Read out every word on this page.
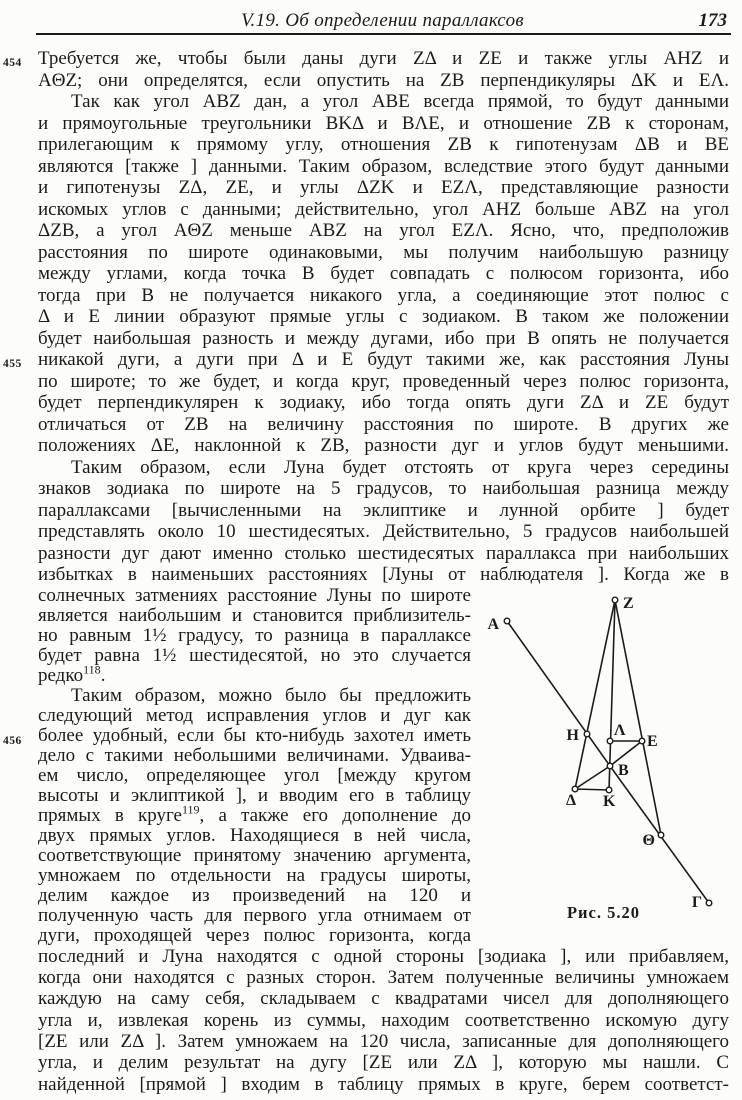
V.19. Об определении параллаксов	173
454 Требуется же, чтобы были даны дуги ZΔ и ZE и также углы AHZ и
AΘZ; они определятся, если опустить на ZB перпендикуляры ΔK и EΛ.
Так как угол ABZ дан, а угол ABE всегда прямой, то будут данными
и прямоугольные треугольники BKΔ и BΛE, и отношение ZB к сторонам,
прилегающим к прямому углу, отношения ZB к гипотенузам ΔB и BE
являются [также ] данными. Таким образом, вследствие этого будут данными
и гипотенузы ZΔ, ZE, и углы ΔZK и EZΛ, представляющие разности
искомых углов с данными; действительно, угол AHZ больше ABZ на угол
ΔZB, а угол AΘZ меньше ABZ на угол EZΛ. Ясно, что, предположив
расстояния по широте одинаковыми, мы получим наибольшую разницу
между углами, когда точка B будет совпадать с полюсом горизонта, ибо
тогда при B не получается никакого угла, а соединяющие этот полюс с
Δ и E линии образуют прямые углы с зодиаком. В таком же положении
будет наибольшая разность и между дугами, ибо при B опять не получается
455 никакой дуги, а дуги при Δ и E будут такими же, как расстояния Луны
по широте; то же будет, и когда круг, проведенный через полюс горизонта,
будет перпендикулярен к зодиаку, ибо тогда опять дуги ZΔ и ZE будут
отличаться от ZB на величину расстояния по широте. В других же
положениях ΔE, наклонной к ZB, разности дуг и углов будут меньшими.
Таким образом, если Луна будет отстоять от круга через середины
знаков зодиака по широте на 5 градусов, то наибольшая разница между
параллаксами [вычисленными на эклиптике и лунной орбите ] будет
представлять около 10 шестидесятых. Действительно, 5 градусов наибольшей
разности дуг дают именно столько шестидесятых параллакса при наибольших
избытках в наименьших расстояниях [Луны от наблюдателя ]. Когда же в
Z
A
H Λ
E
B
Δ K
Θ
Γ
Рис. 5.20
солнечных затмениях расстояние Луны по широте
является наибольшим и становится приблизитель-
но равным 1½ градусу, то разница в параллаксе
будет равна 1½ шестидесятой, но это случается
редко$^{118}$.
Таким образом, можно было бы предложить
следующий метод исправления углов и дуг как
456 более удобный, если бы кто-нибудь захотел иметь
дело с такими небольшими величинами. Удваива-
ем число, определяющее угол [между кругом
высоты и эклиптикой ], и вводим его в таблицу
прямых в круге$^{119}$, а также его дополнение до
двух прямых углов. Находящиеся в ней числа,
соответствующие принятому значению аргумента,
умножаем по отдельности на градусы широты,
делим каждое из произведений на 120 и
полученную часть для первого угла отнимаем от
дуги, проходящей через полюс горизонта, когда
последний и Луна находятся с одной стороны [зодиака ], или прибавляем,
когда они находятся с разных сторон. Затем полученные величины умножаем
каждую на саму себя, складываем с квадратами чисел для дополняющего
угла и, извлекая корень из суммы, находим соответственно искомую дугу
[ZE или ZΔ ]. Затем умножаем на 120 числа, записанные для дополняющего
угла, и делим результат на дугу [ZE или ZΔ ], которую мы нашли. С
найденной [прямой ] входим в таблицу прямых в круге, берем соответст-
